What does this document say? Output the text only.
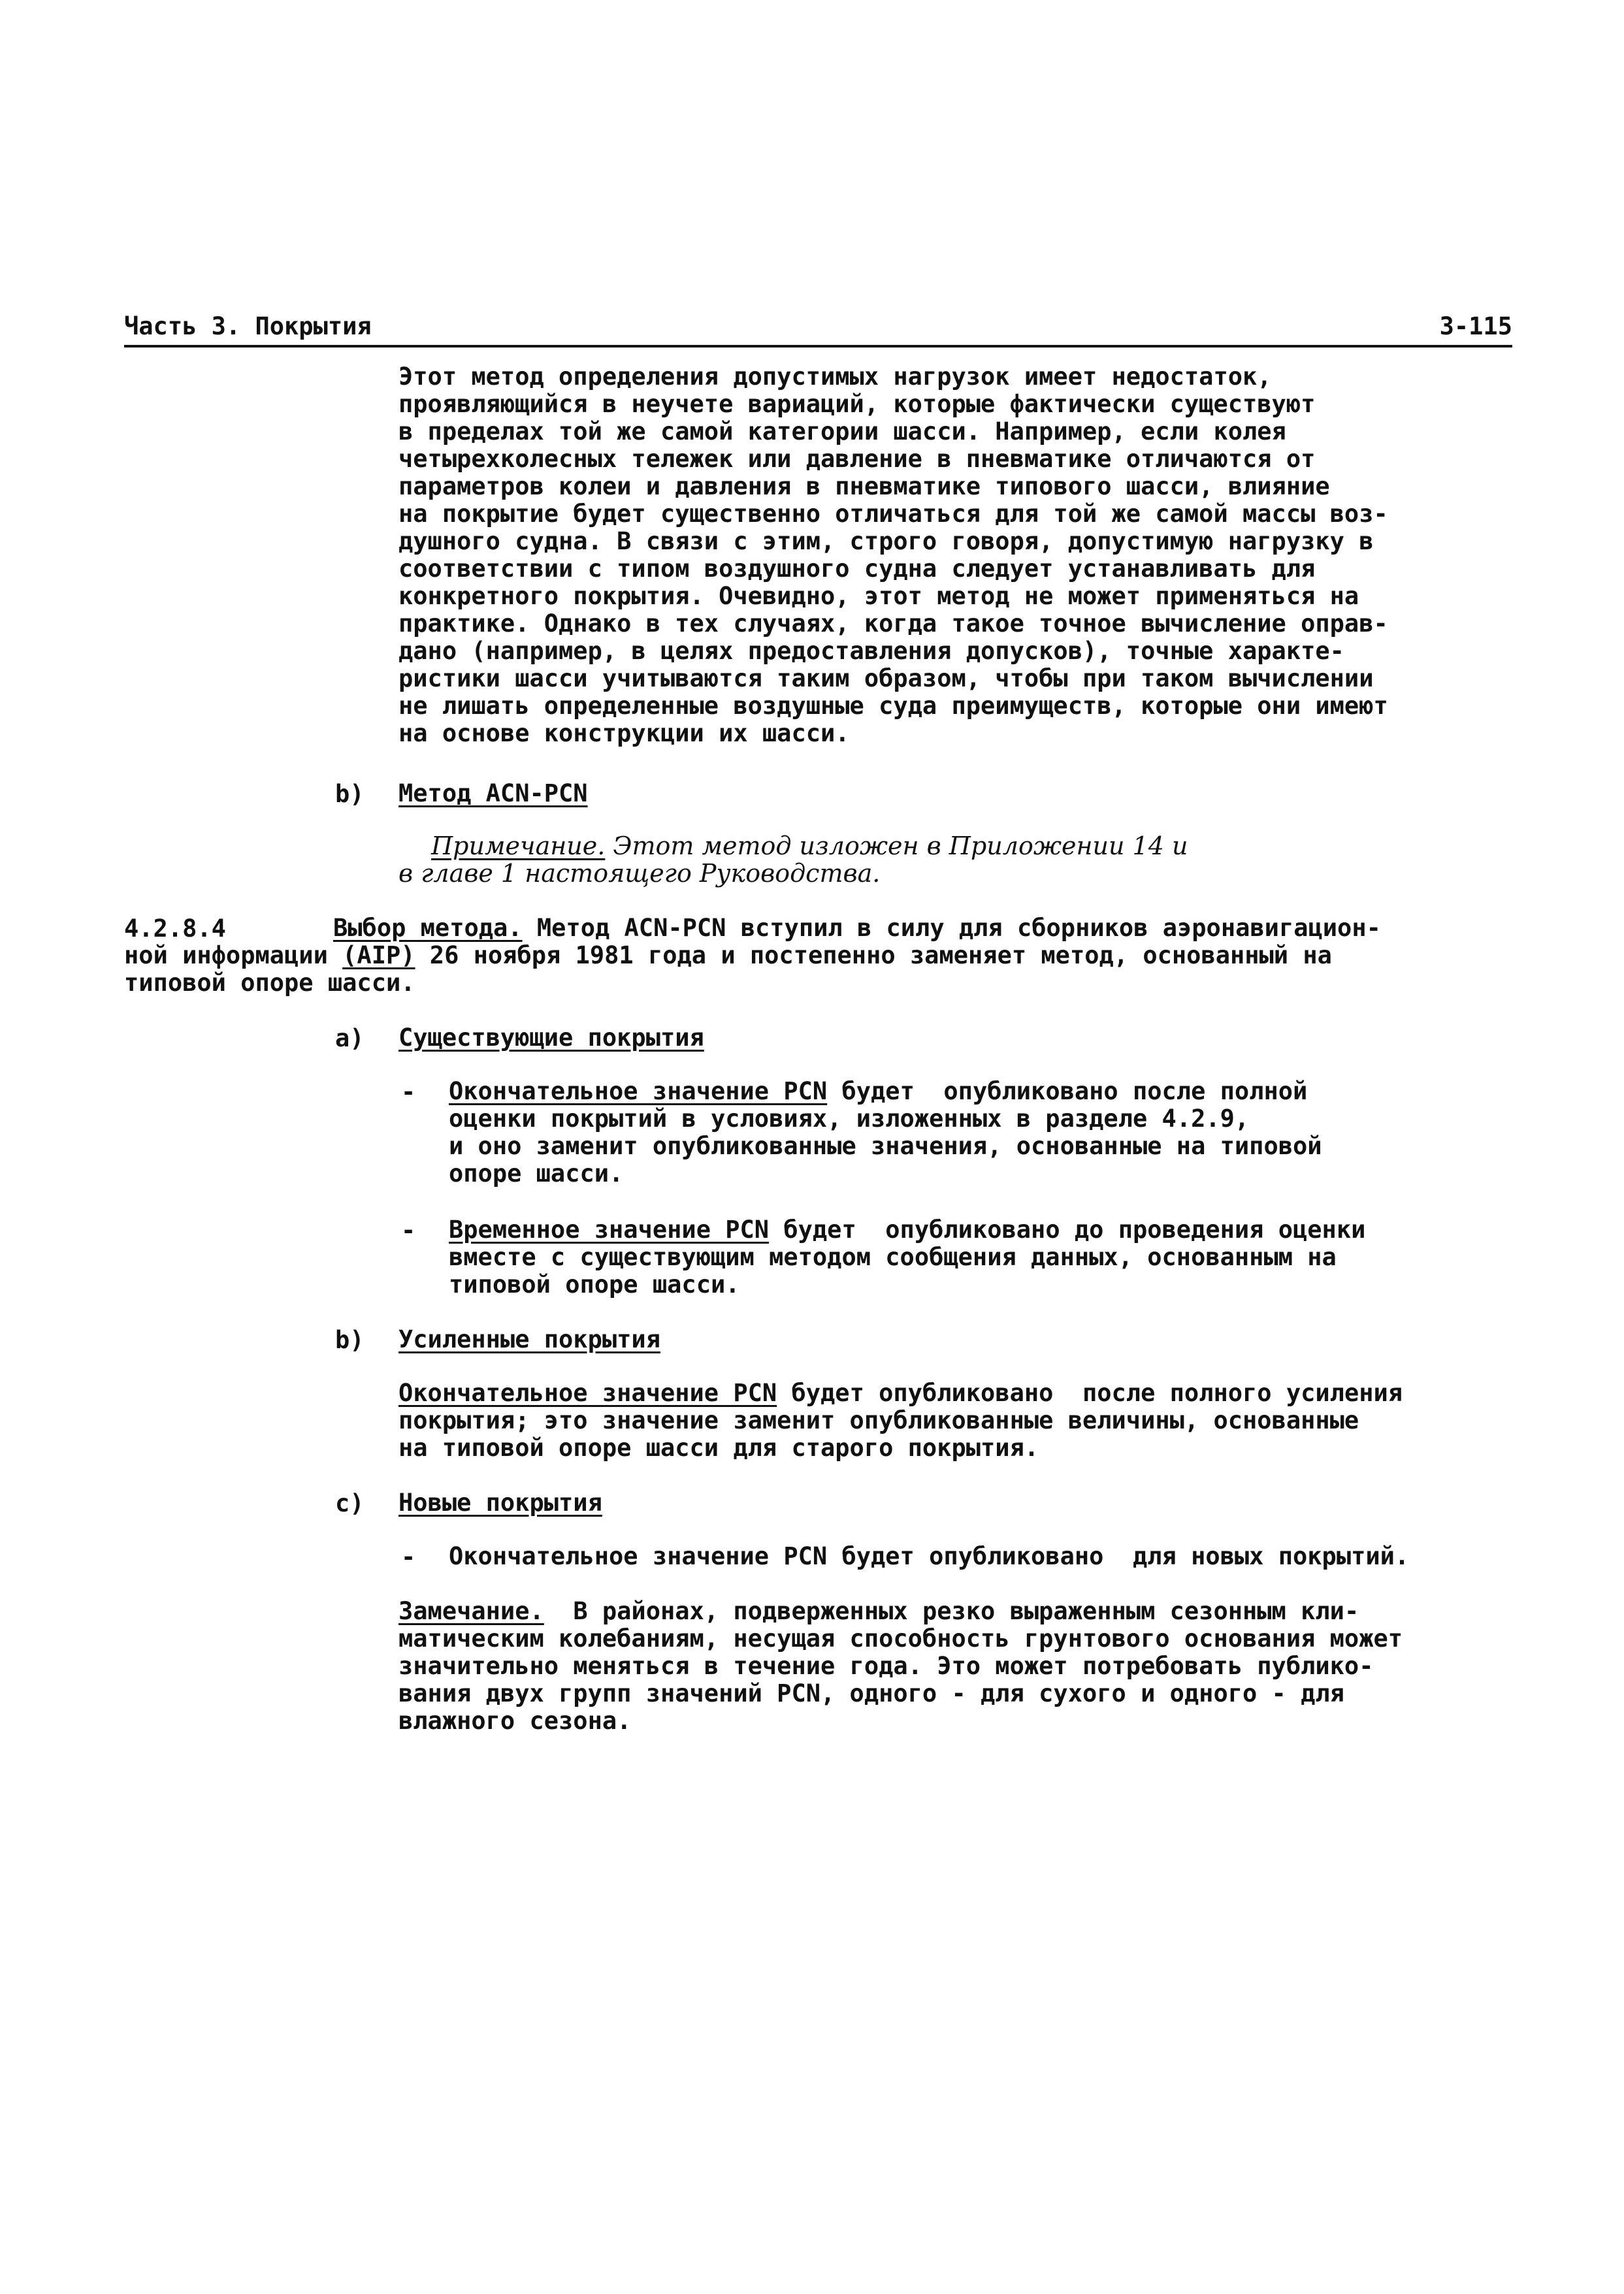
Часть 3. Покрытия	3-115
Этот метод определения допустимых нагрузок имеет недостаток,
проявляющийся в неучете вариаций, которые фактически существуют
в пределах той же самой категории шасси. Например, если колея
четырехколесных тележек или давление в пневматике отличаются от
параметров колеи и давления в пневматике типового шасси, влияние
на покрытие будет существенно отличаться для той же самой массы воз-
душного судна. В связи с этим, строго говоря, допустимую нагрузку в
соответствии с типом воздушного судна следует устанавливать для
конкретного покрытия. Очевидно, этот метод не может применяться на
практике. Однако в тех случаях, когда такое точное вычисление оправ-
дано (например, в целях предоставления допусков), точные характе-
ристики шасси учитываются таким образом, чтобы при таком вычислении
не лишать определенные воздушные суда преимуществ, которые они имеют
на основе конструкции их шасси.
b) Метод ACN-PCN
Примечание. Этот метод изложен в Приложении 14 и
в главе 1 настоящего Руководства.
4.2.8.4	Выбор метода. Метод ACN-PCN вступил в силу для сборников аэронавигацион-
ной информации (AIP) 26 ноября 1981 года и постепенно заменяет метод, основанный на
типовой опоре шасси.
a) Существующие покрытия
- Окончательное значение PCN будет  опубликовано после полной
оценки покрытий в условиях, изложенных в разделе 4.2.9,
и оно заменит опубликованные значения, основанные на типовой
опоре шасси.
- Временное значение PCN будет  опубликовано до проведения оценки
вместе с существующим методом сообщения данных, основанным на
типовой опоре шасси.
b) Усиленные покрытия
Окончательное значение PCN будет опубликовано  после полного усиления
покрытия; это значение заменит опубликованные величины, основанные
на типовой опоре шасси для старого покрытия.
c) Новые покрытия
- Окончательное значение PCN будет опубликовано  для новых покрытий.
Замечание.  В районах, подверженных резко выраженным сезонным кли-
матическим колебаниям, несущая способность грунтового основания может
значительно меняться в течение года. Это может потребовать публико-
вания двух групп значений PCN, одного - для сухого и одного - для
влажного сезона.
